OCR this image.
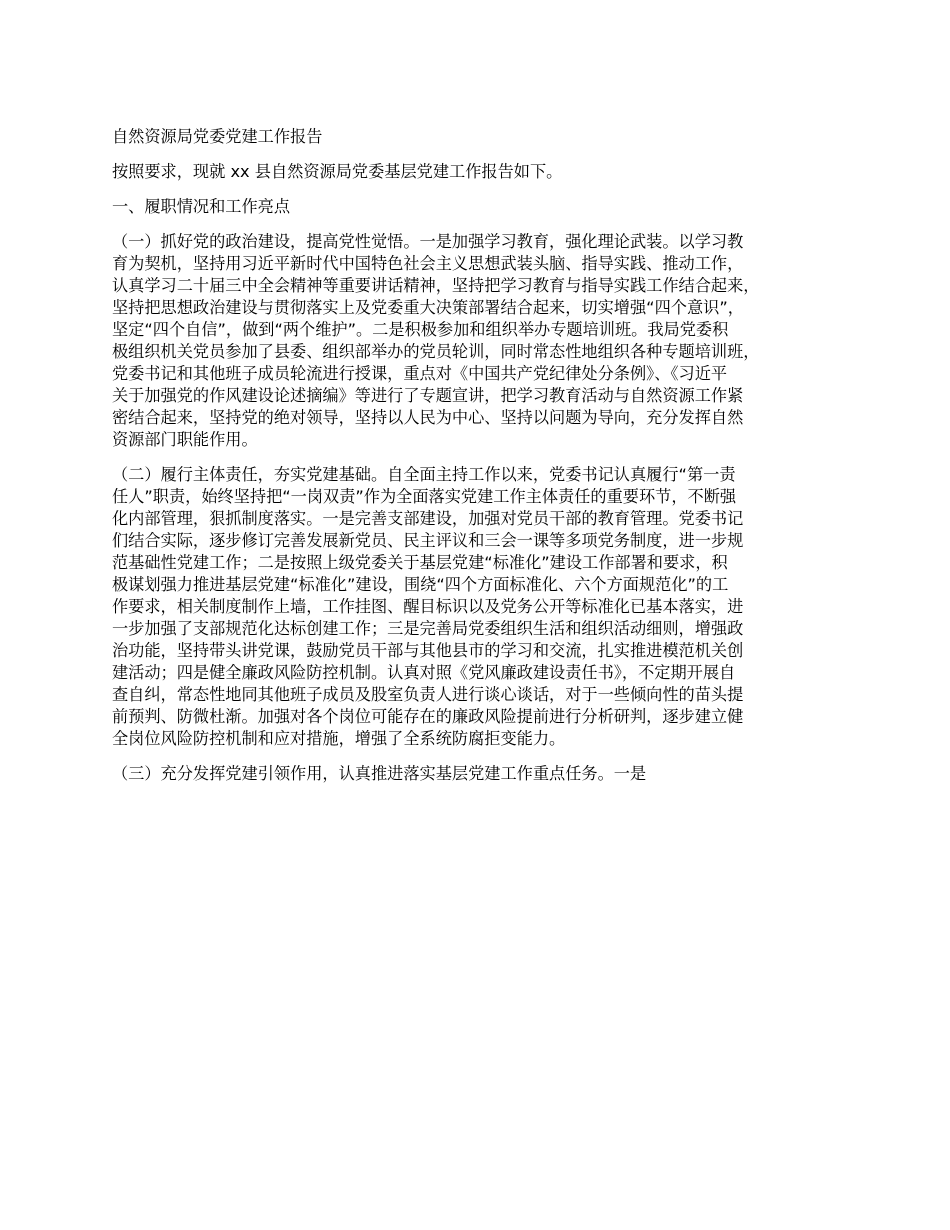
自然资源局党委党建工作报告
按照要求，现就 xx 县自然资源局党委基层党建工作报告如下。
一、履职情况和工作亮点
（一）抓好党的政治建设，提高党性觉悟。一是加强学习教育，强化理论武装。以学习教
育为契机，坚持用习近平新时代中国特色社会主义思想武装头脑、指导实践、推动工作，
认真学习二十届三中全会精神等重要讲话精神，坚持把学习教育与指导实践工作结合起来，
坚持把思想政治建设与贯彻落实上及党委重大决策部署结合起来，切实增强“四个意识”，
坚定“四个自信”，做到“两个维护”。二是积极参加和组织举办专题培训班。我局党委积
极组织机关党员参加了县委、组织部举办的党员轮训，同时常态性地组织各种专题培训班，
党委书记和其他班子成员轮流进行授课，重点对《中国共产党纪律处分条例》、《习近平
关于加强党的作风建设论述摘编》等进行了专题宣讲，把学习教育活动与自然资源工作紧
密结合起来，坚持党的绝对领导，坚持以人民为中心、坚持以问题为导向，充分发挥自然
资源部门职能作用。
（二）履行主体责任，夯实党建基础。自全面主持工作以来，党委书记认真履行“第一责
任人”职责，始终坚持把“一岗双责”作为全面落实党建工作主体责任的重要环节，不断强
化内部管理，狠抓制度落实。一是完善支部建设，加强对党员干部的教育管理。党委书记
们结合实际，逐步修订完善发展新党员、民主评议和三会一课等多项党务制度，进一步规
范基础性党建工作；二是按照上级党委关于基层党建“标准化”建设工作部署和要求，积
极谋划强力推进基层党建“标准化”建设，围绕“四个方面标准化、六个方面规范化”的工
作要求，相关制度制作上墙，工作挂图、醒目标识以及党务公开等标准化已基本落实，进
一步加强了支部规范化达标创建工作；三是完善局党委组织生活和组织活动细则，增强政
治功能，坚持带头讲党课，鼓励党员干部与其他县市的学习和交流，扎实推进模范机关创
建活动；四是健全廉政风险防控机制。认真对照《党风廉政建设责任书》，不定期开展自
查自纠，常态性地同其他班子成员及股室负责人进行谈心谈话，对于一些倾向性的苗头提
前预判、防微杜渐。加强对各个岗位可能存在的廉政风险提前进行分析研判，逐步建立健
全岗位风险防控机制和应对措施，增强了全系统防腐拒变能力。
（三）充分发挥党建引领作用，认真推进落实基层党建工作重点任务。一是
